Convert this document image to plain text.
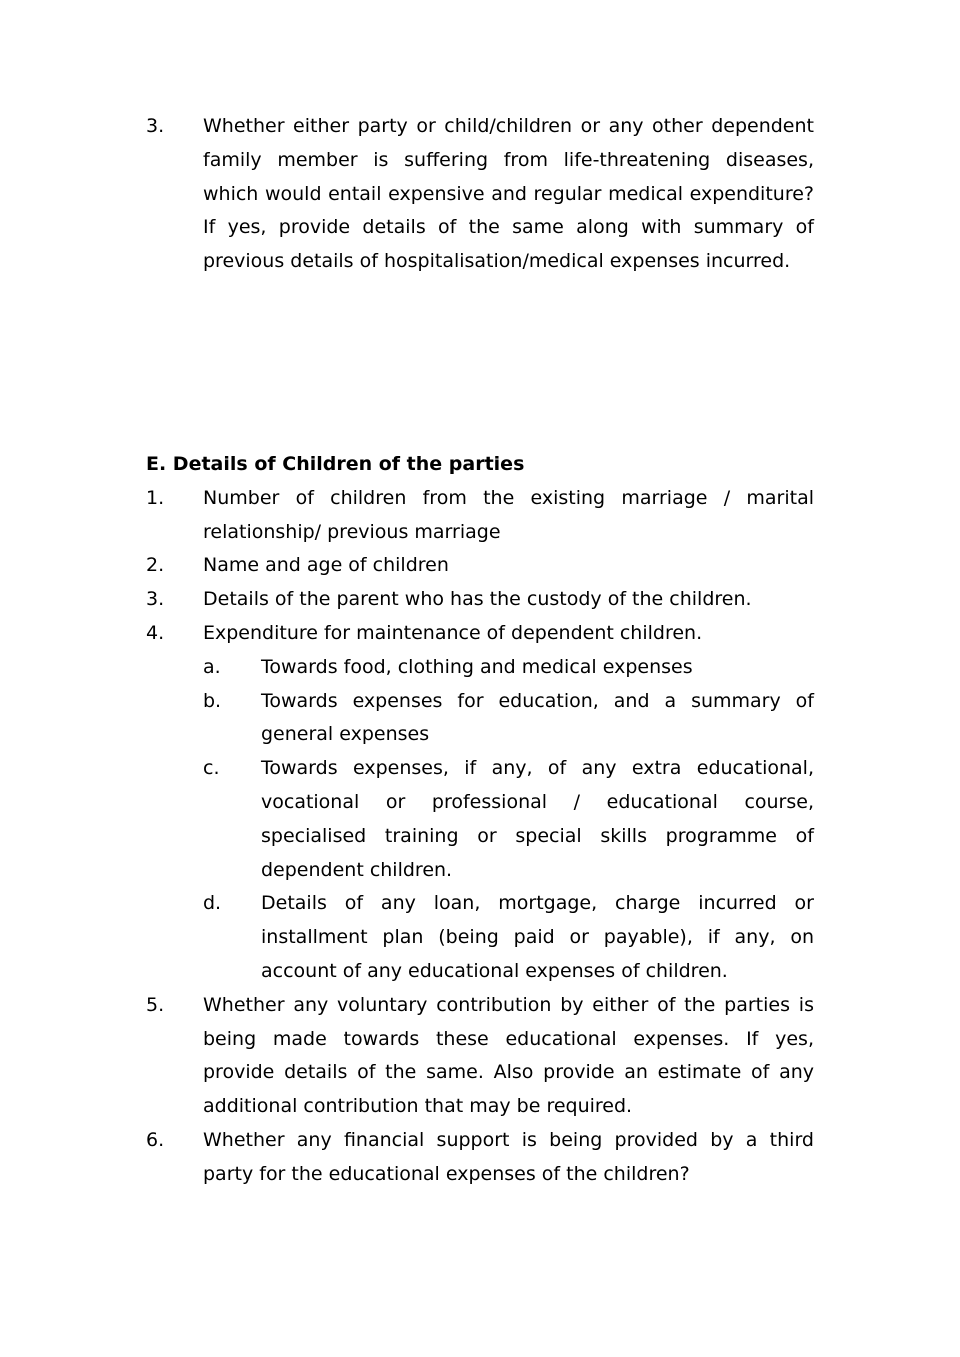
3. Whether either party or child/children or any other dependent family member is suffering from life-threatening diseases, which would entail expensive and regular medical expenditure? If yes, provide details of the same along with summary of previous details of hospitalisation/medical expenses incurred.
E. Details of Children of the parties
1. Number of children from the existing marriage / marital relationship/ previous marriage
2. Name and age of children
3. Details of the parent who has the custody of the children.
4. Expenditure for maintenance of dependent children.
a. Towards food, clothing and medical expenses
b. Towards expenses for education, and a summary of general expenses
c. Towards expenses, if any, of any extra educational, vocational or professional / educational course, specialised training or special skills programme of dependent children.
d. Details of any loan, mortgage, charge incurred or installment plan (being paid or payable), if any, on account of any educational expenses of children.
5. Whether any voluntary contribution by either of the parties is being made towards these educational expenses. If yes, provide details of the same. Also provide an estimate of any additional contribution that may be required.
6. Whether any financial support is being provided by a third party for the educational expenses of the children?
